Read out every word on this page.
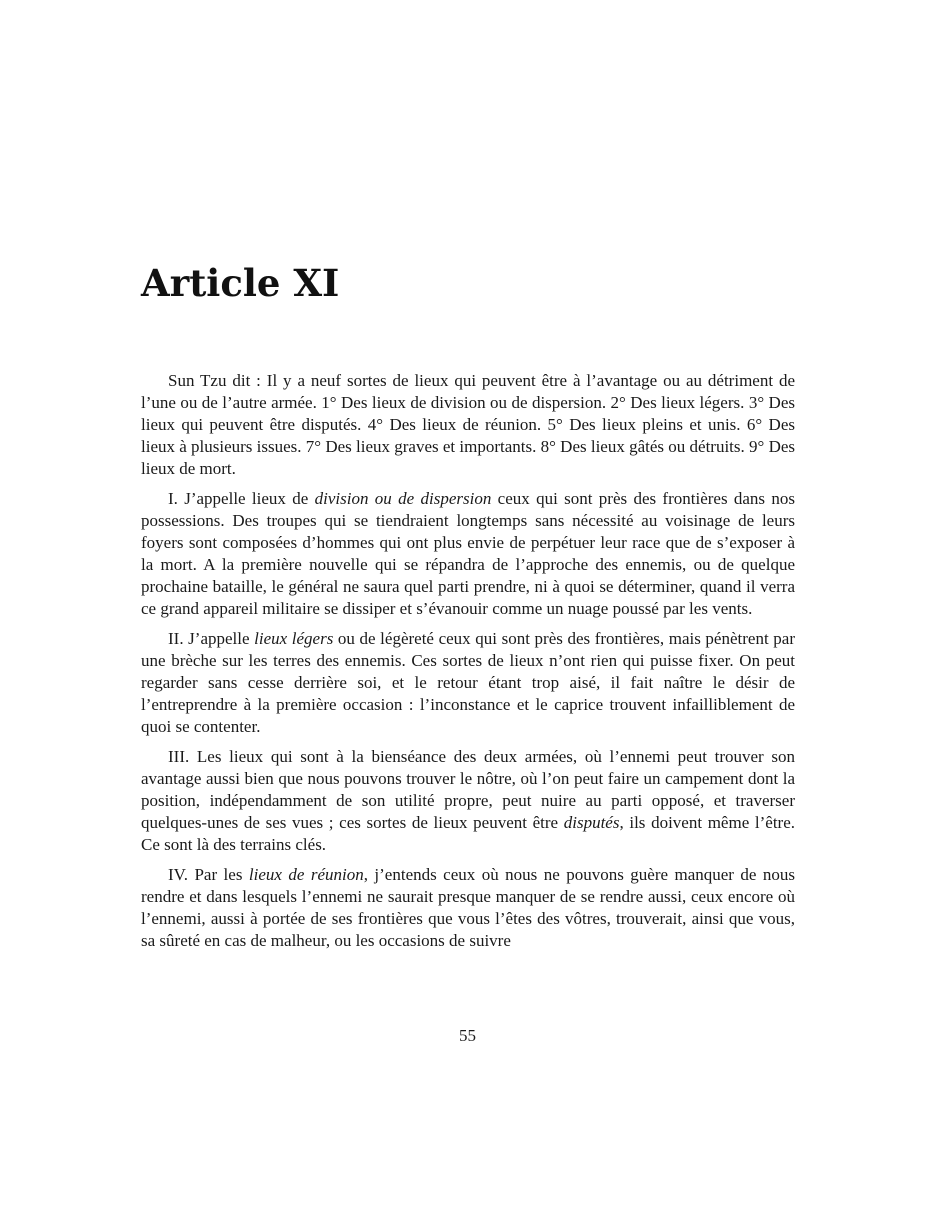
Article XI

Sun Tzu dit : Il y a neuf sortes de lieux qui peuvent être à l’avantage ou au détriment de l’une ou de l’autre armée. 1° Des lieux de division ou de dispersion. 2° Des lieux légers. 3° Des lieux qui peuvent être disputés. 4° Des lieux de réunion. 5° Des lieux pleins et unis. 6° Des lieux à plusieurs issues. 7° Des lieux graves et importants. 8° Des lieux gâtés ou détruits. 9° Des lieux de mort.

I. J’appelle lieux de division ou de dispersion ceux qui sont près des frontières dans nos possessions. Des troupes qui se tiendraient longtemps sans nécessité au voisinage de leurs foyers sont composées d’hommes qui ont plus envie de perpétuer leur race que de s’exposer à la mort. A la première nouvelle qui se répandra de l’approche des ennemis, ou de quelque prochaine bataille, le général ne saura quel parti prendre, ni à quoi se déterminer, quand il verra ce grand appareil militaire se dissiper et s’évanouir comme un nuage poussé par les vents.

II. J’appelle lieux légers ou de légèreté ceux qui sont près des frontières, mais pénètrent par une brèche sur les terres des ennemis. Ces sortes de lieux n’ont rien qui puisse fixer. On peut regarder sans cesse derrière soi, et le retour étant trop aisé, il fait naître le désir de l’entreprendre à la première occasion : l’inconstance et le caprice trouvent infailliblement de quoi se contenter.

III. Les lieux qui sont à la bienséance des deux armées, où l’ennemi peut trouver son avantage aussi bien que nous pouvons trouver le nôtre, où l’on peut faire un campement dont la position, indépendamment de son utilité propre, peut nuire au parti opposé, et traverser quelques-unes de ses vues ; ces sortes de lieux peuvent être disputés, ils doivent même l’être. Ce sont là des terrains clés.

IV. Par les lieux de réunion, j’entends ceux où nous ne pouvons guère manquer de nous rendre et dans lesquels l’ennemi ne saurait presque manquer de se rendre aussi, ceux encore où l’ennemi, aussi à portée de ses frontières que vous l’êtes des vôtres, trouverait, ainsi que vous, sa sûreté en cas de malheur, ou les occasions de suivre

55
